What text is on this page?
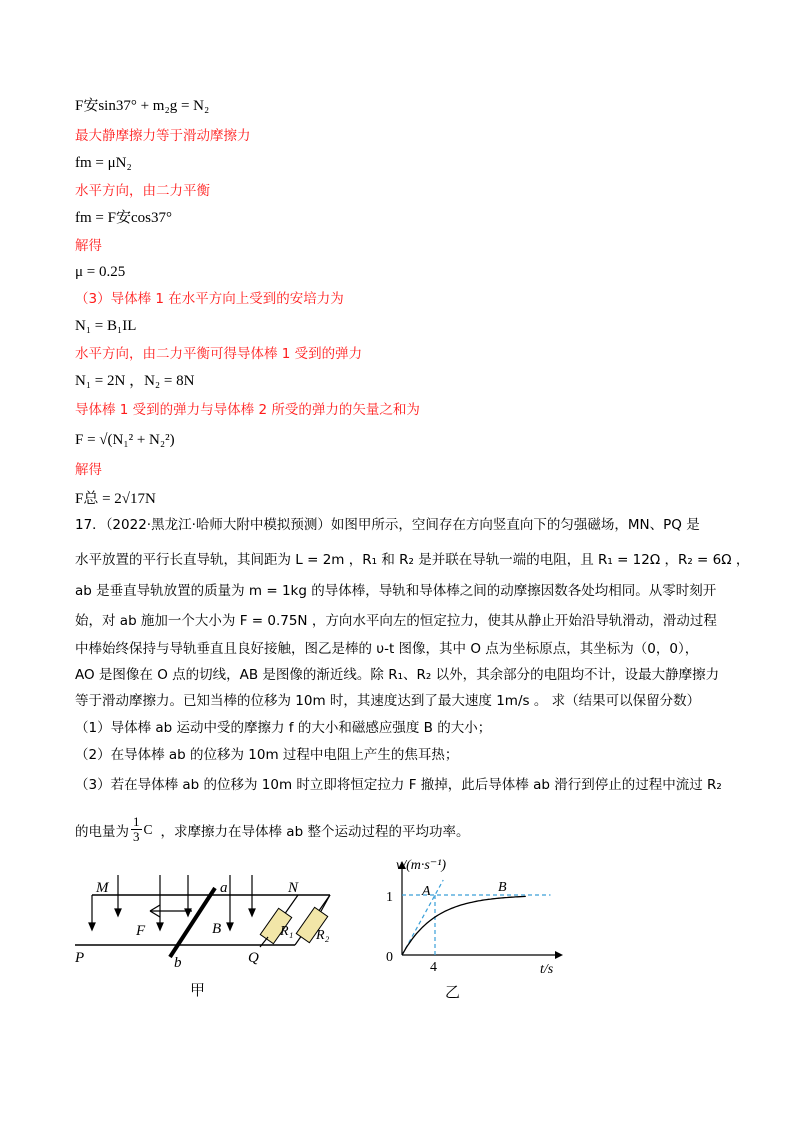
F安sin37° + m₂g = N₂
最大静摩擦力等于滑动摩擦力
fm = μN₂
水平方向，由二力平衡
fm = F安cos37°
解得
μ = 0.25
（3）导体棒 1 在水平方向上受到的安培力为
N₁ = B₁IL
水平方向，由二力平衡可得导体棒 1 受到的弹力
N₁ = 2N ，N₂ = 8N
导体棒 1 受到的弹力与导体棒 2 所受的弹力的矢量之和为
F = √(N₁² + N₂²)
解得
F总 = 2√17N
17．（2022·黑龙江·哈师大附中模拟预测）如图甲所示，空间存在方向竖直向下的匀强磁场，MN、PQ 是
水平放置的平行长直导轨，其间距为 L = 2m ，R₁ 和 R₂ 是并联在导轨一端的电阻，且 R₁ = 12Ω ，R₂ = 6Ω ，
ab 是垂直导轨放置的质量为 m = 1kg 的导体棒，导轨和导体棒之间的动摩擦因数各处均相同。从零时刻开
始，对 ab 施加一个大小为 F = 0.75N ，方向水平向左的恒定拉力，使其从静止开始沿导轨滑动，滑动过程
中棒始终保持与导轨垂直且良好接触，图乙是棒的 υ-t 图像，其中 O 点为坐标原点，其坐标为（0，0），
AO 是图像在 O 点的切线，AB 是图像的渐近线。除 R₁、R₂ 以外，其余部分的电阻均不计，设最大静摩擦力
等于滑动摩擦力。已知当棒的位移为 10m 时，其速度达到了最大速度 1m/s 。 求（结果可以保留分数）
（1）导体棒 ab 运动中受的摩擦力 f 的大小和磁感应强度 B 的大小；
（2）在导体棒 ab 的位移为 10m 过程中电阻上产生的焦耳热；
（3）若在导体棒 ab 的位移为 10m 时立即将恒定拉力 F 撤掉，此后导体棒 ab 滑行到停止的过程中流过 R₂
的电量为 $\frac{1}{3}$ C ，求摩擦力在导体棒 ab 整个运动过程的平均功率。
M	a	N
F	B	R₁ R₂
P	b	Q
甲
v/(m·s⁻¹)
t/s
1
4
0
A	B
乙
